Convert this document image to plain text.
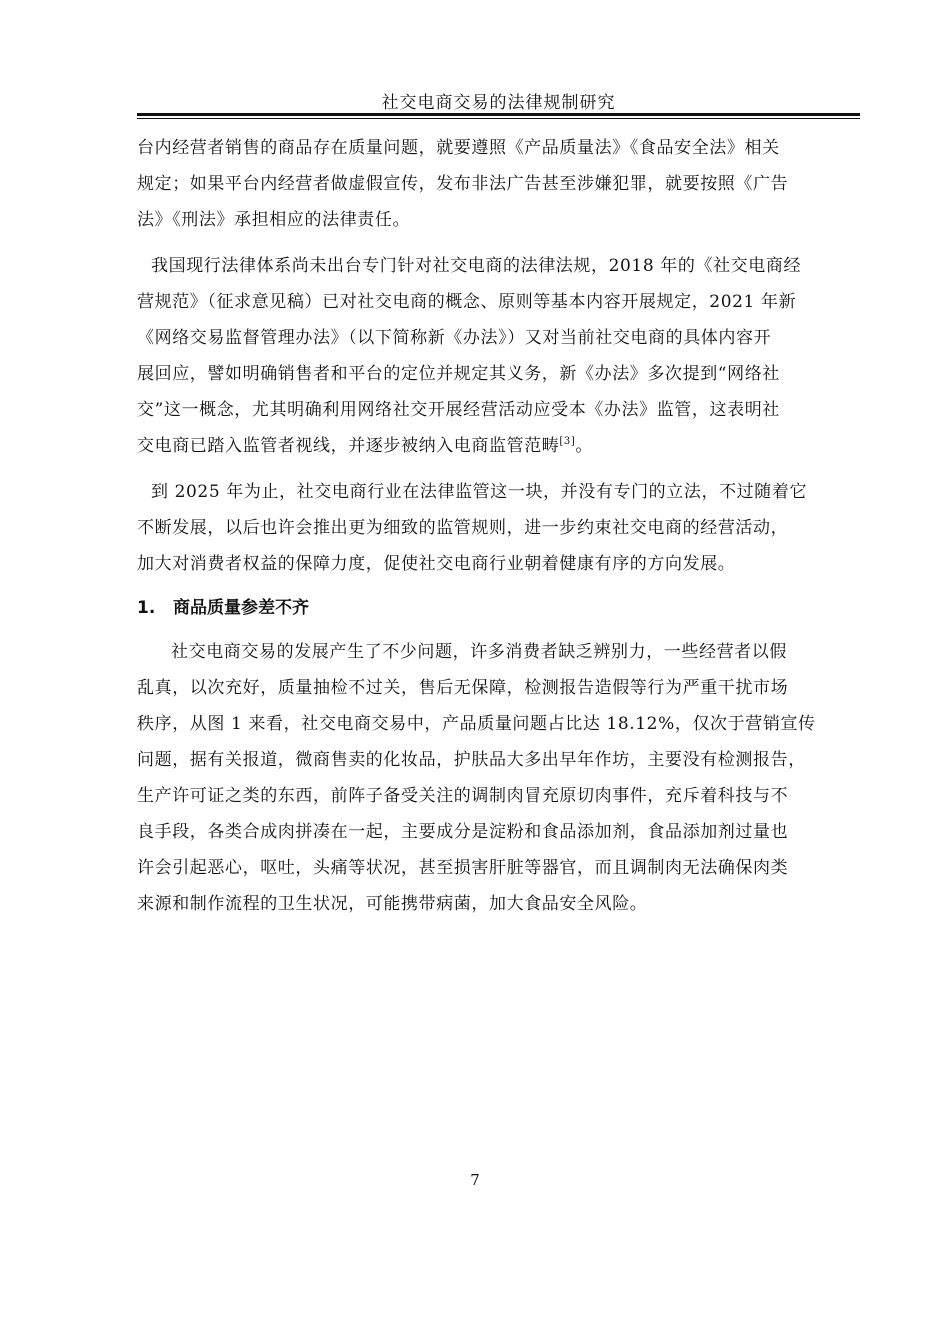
社交电商交易的法律规制研究
台内经营者销售的商品存在质量问题，就要遵照《产品质量法》《食品安全法》相关
规定；如果平台内经营者做虚假宣传，发布非法广告甚至涉嫌犯罪，就要按照《广告
法》《刑法》承担相应的法律责任。
我国现行法律体系尚未出台专门针对社交电商的法律法规，2018 年的《社交电商经
营规范》（征求意见稿）已对社交电商的概念、原则等基本内容开展规定，2021 年新
《网络交易监督管理办法》（以下简称新《办法》）又对当前社交电商的具体内容开
展回应，譬如明确销售者和平台的定位并规定其义务，新《办法》多次提到“网络社
交”这一概念，尤其明确利用网络社交开展经营活动应受本《办法》监管，这表明社
交电商已踏入监管者视线，并逐步被纳入电商监管范畴[3]。
到 2025 年为止，社交电商行业在法律监管这一块，并没有专门的立法，不过随着它
不断发展，以后也许会推出更为细致的监管规则，进一步约束社交电商的经营活动，
加大对消费者权益的保障力度，促使社交电商行业朝着健康有序的方向发展。
1. 商品质量参差不齐
社交电商交易的发展产生了不少问题，许多消费者缺乏辨别力，一些经营者以假
乱真，以次充好，质量抽检不过关，售后无保障，检测报告造假等行为严重干扰市场
秩序，从图 1 来看，社交电商交易中，产品质量问题占比达 18.12%，仅次于营销宣传
问题，据有关报道，微商售卖的化妆品，护肤品大多出早年作坊，主要没有检测报告，
生产许可证之类的东西，前阵子备受关注的调制肉冒充原切肉事件，充斥着科技与不
良手段，各类合成肉拼凑在一起，主要成分是淀粉和食品添加剂，食品添加剂过量也
许会引起恶心，呕吐，头痛等状况，甚至损害肝脏等器官，而且调制肉无法确保肉类
来源和制作流程的卫生状况，可能携带病菌，加大食品安全风险。
7
